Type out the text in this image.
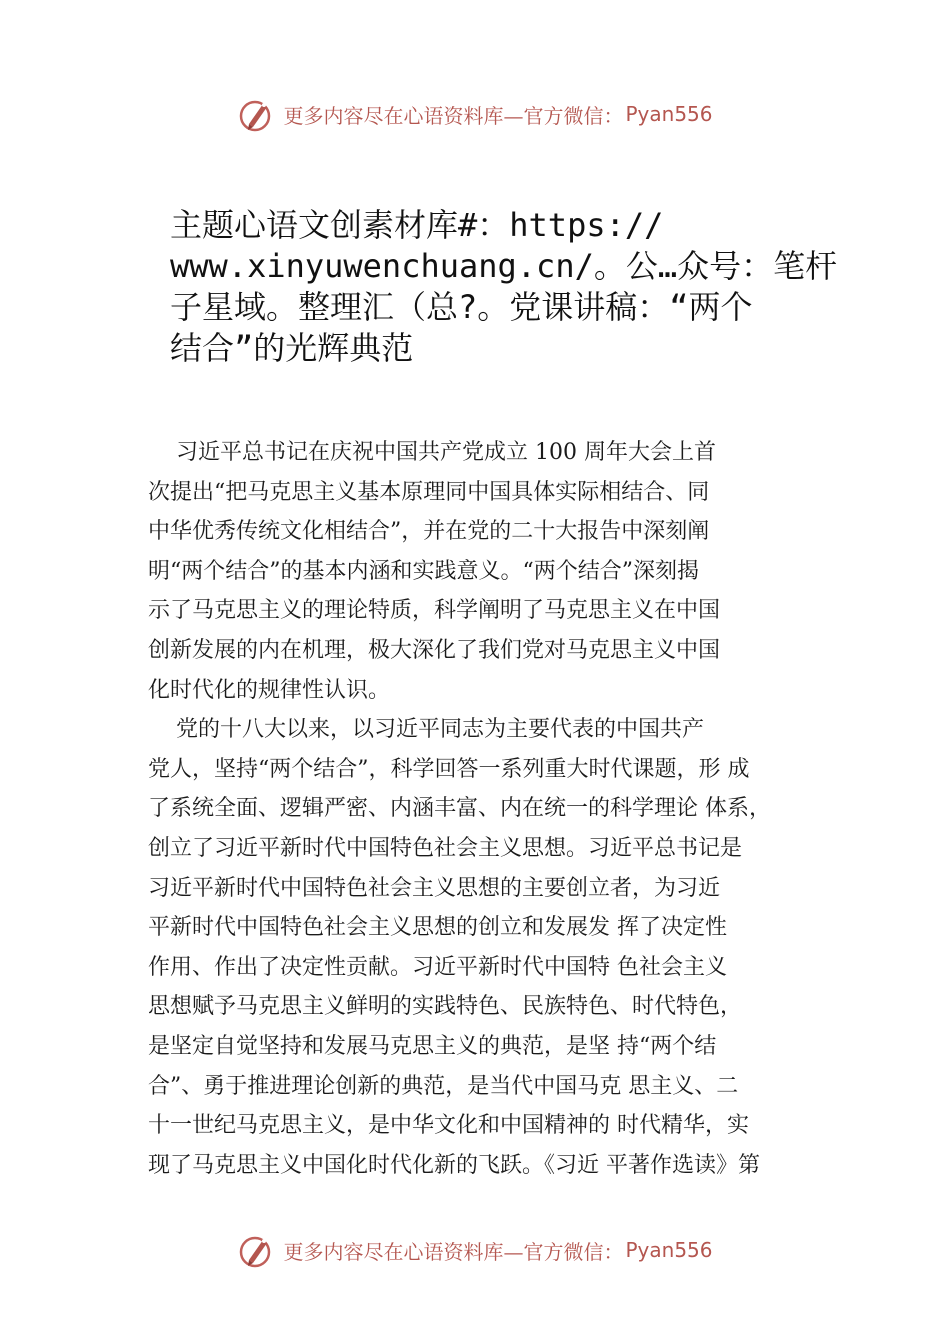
更多内容尽在心语资料库—官方微信： Pyan556
主题心语文创素材库#：https://
www.xinyuwenchuang.cn/。公…众号：笔杆
子星域。整理汇（总?。党课讲稿：“两个
结合”的光辉典范
习近平总书记在庆祝中国共产党成立 100 周年大会上首
次提出“把马克思主义基本原理同中国具体实际相结合、同
中华优秀传统文化相结合”，并在党的二十大报告中深刻阐
明“两个结合”的基本内涵和实践意义。“两个结合”深刻揭
示了马克思主义的理论特质，科学阐明了马克思主义在中国
创新发展的内在机理，极大深化了我们党对马克思主义中国
化时代化的规律性认识。
党的十八大以来，以习近平同志为主要代表的中国共产
党人，坚持“两个结合”，科学回答一系列重大时代课题，形 成
了系统全面、逻辑严密、内涵丰富、内在统一的科学理论 体系，
创立了习近平新时代中国特色社会主义思想。习近平总书记是
习近平新时代中国特色社会主义思想的主要创立者，为习近
平新时代中国特色社会主义思想的创立和发展发 挥了决定性
作用、作出了决定性贡献。习近平新时代中国特 色社会主义
思想赋予马克思主义鲜明的实践特色、民族特色、时代特色，
是坚定自觉坚持和发展马克思主义的典范，是坚 持“两个结
合”、勇于推进理论创新的典范，是当代中国马克 思主义、二
十一世纪马克思主义，是中华文化和中国精神的 时代精华，实
现了马克思主义中国化时代化新的飞跃。《习近 平著作选读》第
更多内容尽在心语资料库—官方微信： Pyan556
